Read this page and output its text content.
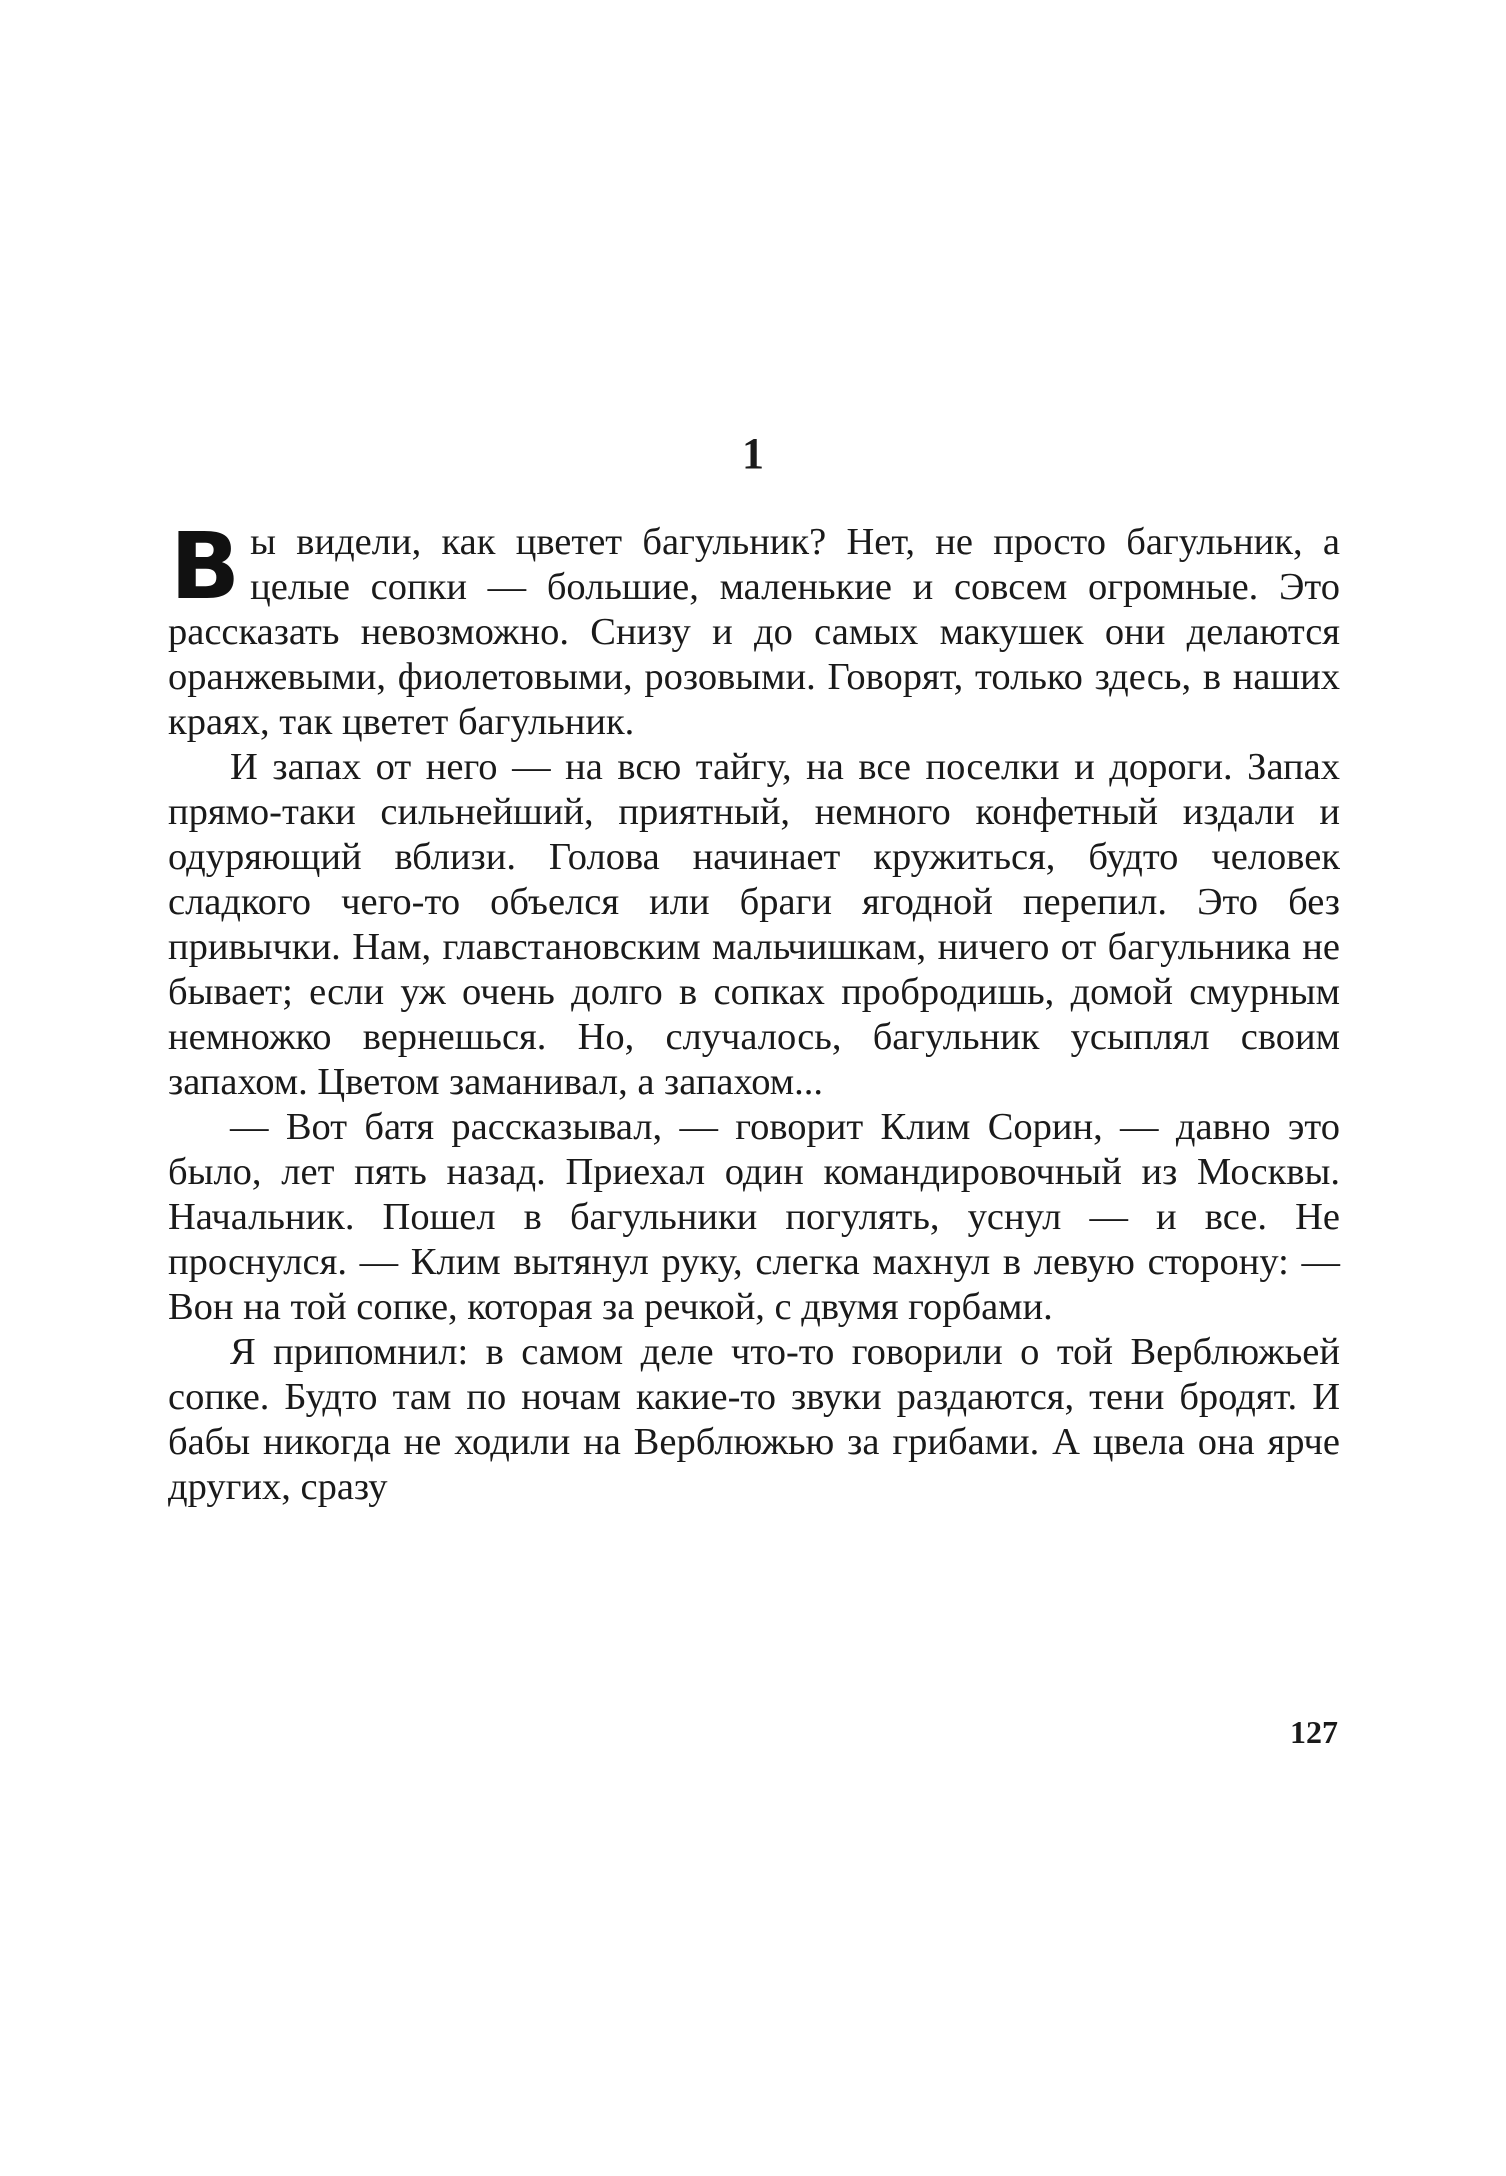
1

Вы видели, как цветет багульник? Нет, не просто багульник, а целые сопки — большие, маленькие и совсем огромные. Это рассказать невозможно. Снизу и до самых макушек они делаются оранжевыми, фиолетовыми, розовыми. Говорят, только здесь, в наших краях, так цветет багульник.

И запах от него — на всю тайгу, на все поселки и дороги. Запах прямо-таки сильнейший, приятный, немного конфетный издали и одуряющий вблизи. Голова начинает кружиться, будто человек сладкого чего-то объелся или браги ягодной перепил. Это без привычки. Нам, главстановским мальчишкам, ничего от багульника не бывает; если уж очень долго в сопках пробродишь, домой смурным немножко вернешься. Но, случалось, багульник усыплял своим запахом. Цветом заманивал, а запахом...

— Вот батя рассказывал, — говорит Клим Сорин, — давно это было, лет пять назад. Приехал один командировочный из Москвы. Начальник. Пошел в багульники погулять, уснул — и все. Не проснулся. — Клим вытянул руку, слегка махнул в левую сторону: — Вон на той сопке, которая за речкой, с двумя горбами.

Я припомнил: в самом деле что-то говорили о той Верблюжьей сопке. Будто там по ночам какие-то звуки раздаются, тени бродят. И бабы никогда не ходили на Верблюжью за грибами. А цвела она ярче других, сразу

127
